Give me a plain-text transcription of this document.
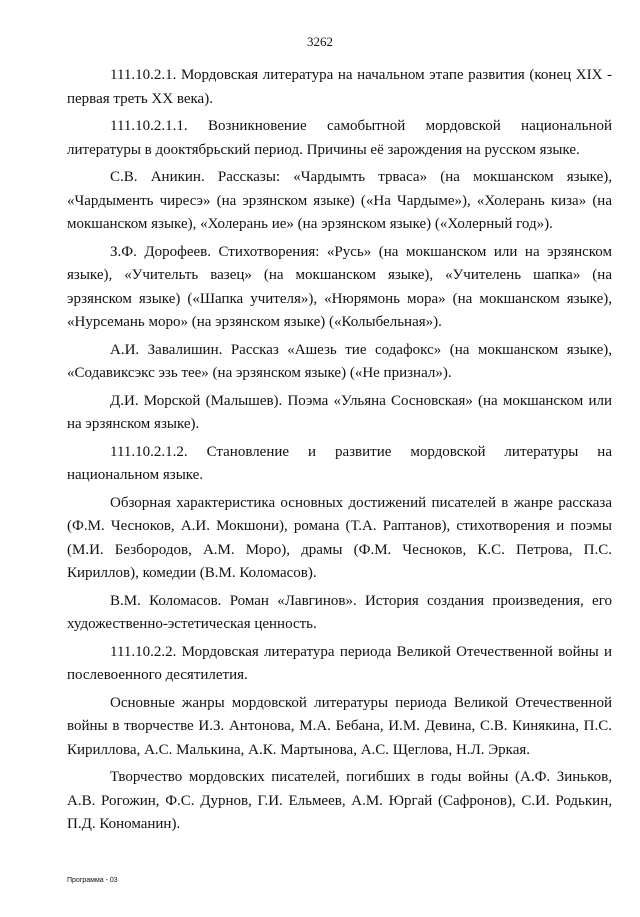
3262

111.10.2.1. Мордовская литература на начальном этапе развития (конец XIX - первая треть XX века).

111.10.2.1.1. Возникновение самобытной мордовской национальной литературы в дооктябрьский период. Причины её зарождения на русском языке.

С.В. Аникин. Рассказы: «Чардымть трваса» (на мокшанском языке), «Чардыменть чиресэ» (на эрзянском языке) («На Чардыме»), «Холерань киза» (на мокшанском языке), «Холерань ие» (на эрзянском языке) («Холерный год»).

З.Ф. Дорофеев. Стихотворения: «Русь» (на мокшанском или на эрзянском языке), «Учительть вазец» (на мокшанском языке), «Учителень шапка» (на эрзянском языке) («Шапка учителя»), «Нюрямонь мора» (на мокшанском языке), «Нурсемань моро» (на эрзянском языке) («Колыбельная»).

А.И. Завалишин. Рассказ «Ашезь тие содафокс» (на мокшанском языке), «Содавиксэкс эзь тее» (на эрзянском языке) («Не признал»).

Д.И. Морской (Малышев). Поэма «Ульяна Сосновская» (на мокшанском или на эрзянском языке).

111.10.2.1.2. Становление и развитие мордовской литературы на национальном языке.

Обзорная характеристика основных достижений писателей в жанре рассказа (Ф.М. Чесноков, А.И. Мокшони), романа (Т.А. Раптанов), стихотворения и поэмы (М.И. Безбородов, А.М. Моро), драмы (Ф.М. Чесноков, К.С. Петрова, П.С. Кириллов), комедии (В.М. Коломасов).

В.М. Коломасов. Роман «Лавгинов». История создания произведения, его художественно-эстетическая ценность.

111.10.2.2. Мордовская литература периода Великой Отечественной войны и послевоенного десятилетия.

Основные жанры мордовской литературы периода Великой Отечественной войны в творчестве И.З. Антонова, М.А. Бебана, И.М. Девина, С.В. Кинякина, П.С. Кириллова, А.С. Малькина, А.К. Мартынова, А.С. Щеглова, Н.Л. Эркая.

Творчество мордовских писателей, погибших в годы войны (А.Ф. Зиньков, А.В. Рогожин, Ф.С. Дурнов, Г.И. Ельмеев, А.М. Юргай (Сафронов), С.И. Родькин, П.Д. Кономанин).

Программа - 03
